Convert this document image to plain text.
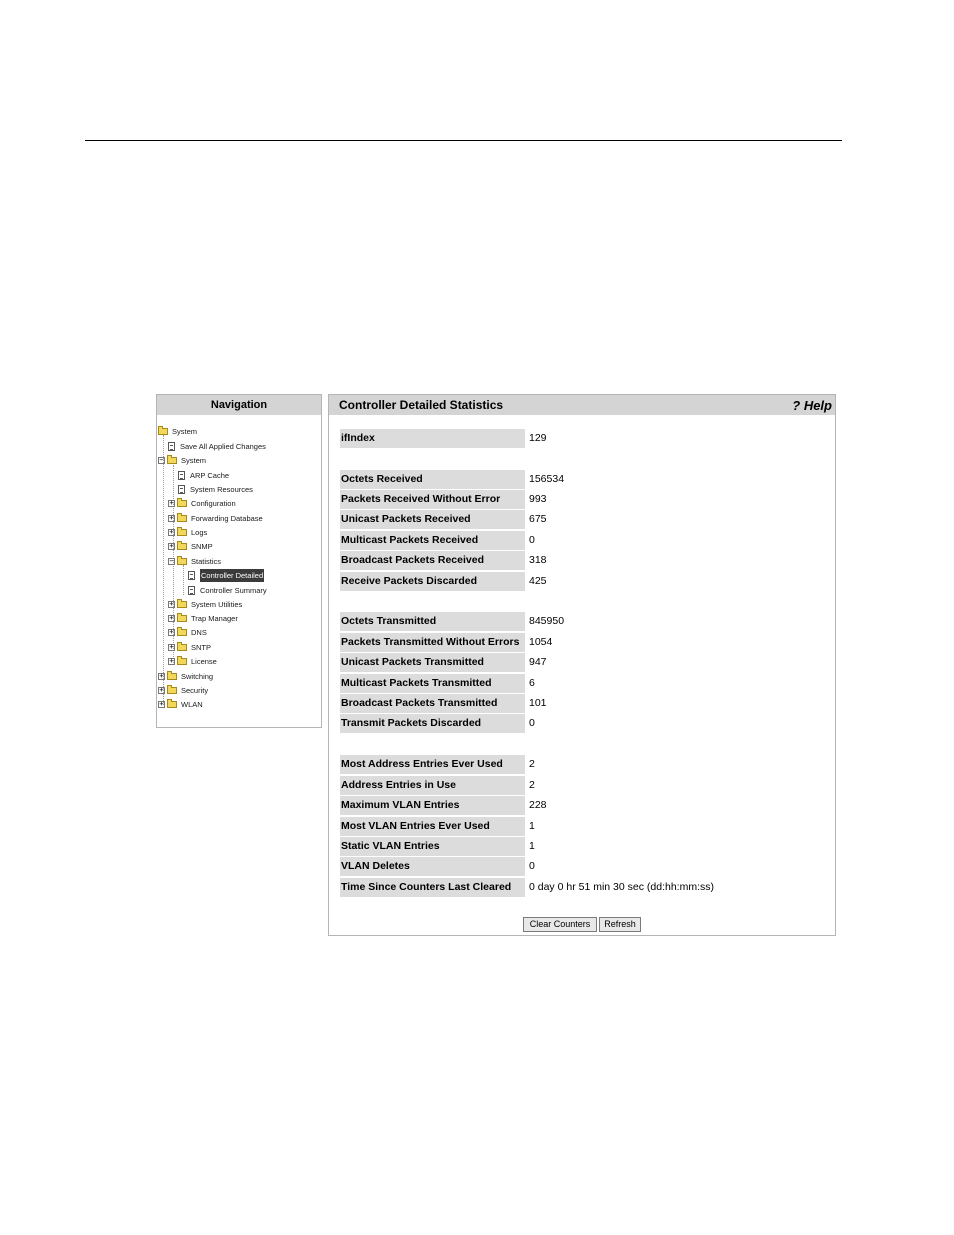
Navigation
System
Save All Applied Changes
− System
ARP Cache
System Resources
+ Configuration
+ Forwarding Database
+ Logs
+ SNMP
− Statistics
Controller Detailed
Controller Summary
+ System Utilities
+ Trap Manager
+ DNS
+ SNTP
+ License
+ Switching
+ Security
+ WLAN
Controller Detailed Statistics	? Help
ifIndex	129
Octets Received	156534
Packets Received Without Error	993
Unicast Packets Received	675
Multicast Packets Received	0
Broadcast Packets Received	318
Receive Packets Discarded	425
Octets Transmitted	845950
Packets Transmitted Without Errors 1054
Unicast Packets Transmitted	947
Multicast Packets Transmitted	6
Broadcast Packets Transmitted	101
Transmit Packets Discarded	0
Most Address Entries Ever Used	2
Address Entries in Use	2
Maximum VLAN Entries	228
Most VLAN Entries Ever Used	1
Static VLAN Entries	1
VLAN Deletes	0
Time Since Counters Last Cleared	0 day 0 hr 51 min 30 sec (dd:hh:mm:ss)
Clear Counters	Refresh
